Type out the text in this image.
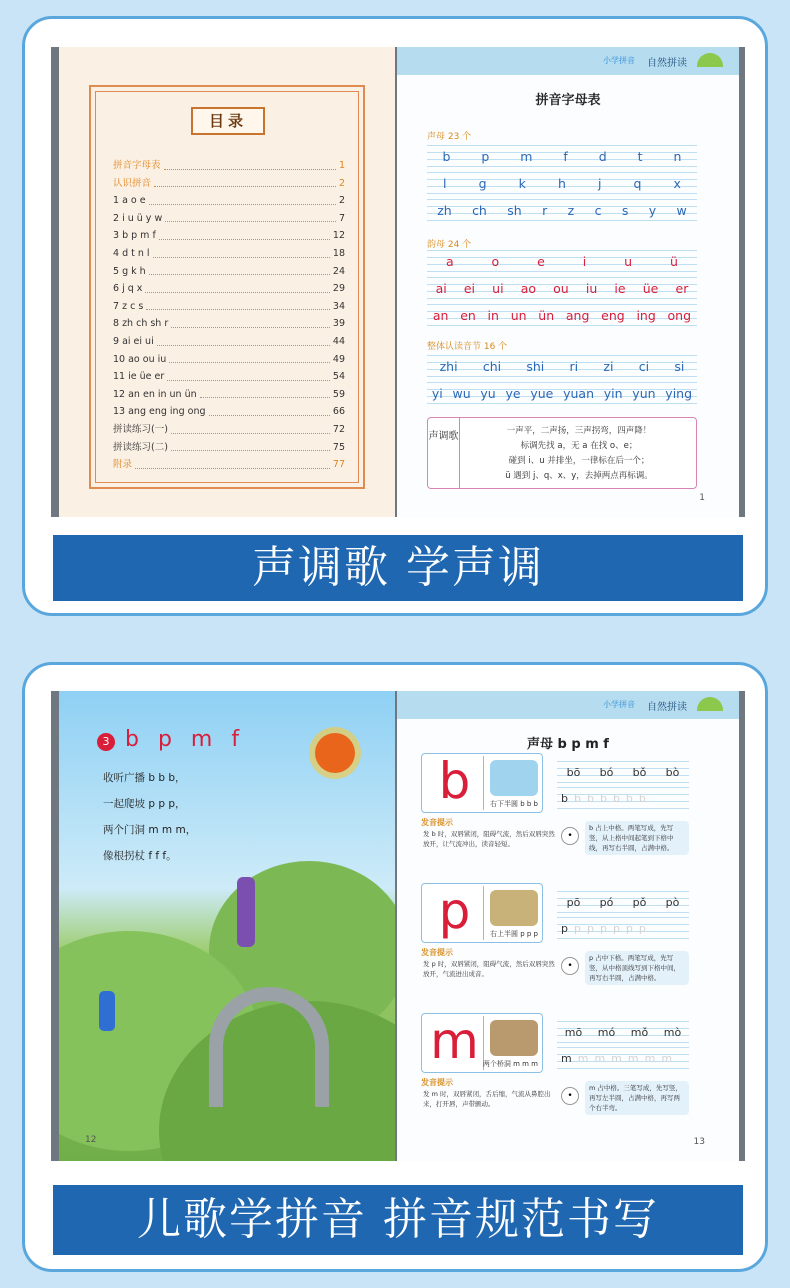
目录
拼音字母表	1
认识拼音	2
1 a o e	2
2 i u ü y w	7
3 b p m f	12
4 d t n l	18
5 g k h	24
6 j q x	29
7 z c s	34
8 zh ch sh r	39
9 ai ei ui	44
10 ao ou iu	49
11 ie üe er	54
12 an en in un ün	59
13 ang eng ing ong	66
拼读练习(一)	72
拼读练习(二)	75
附录	77
小学拼音 自然拼读
拼音字母表
声母 23 个
b p m f d t n
l	g	k	h	j	q	x
zh ch sh r z c s y w
韵母 24 个
a	o	e	i	u	ü
ai ei ui ao ou iu ie üe er
an en in un ün ang eng ing ong
整体认读音节 16 个
zhi chi shi ri zi ci si
yi wu yu ye yue yuan yin yun ying
声调歌	一声平，二声扬，三声拐弯，四声降！
标调先找 a，无 a 在找 o、e；
碰到 i、u 并排坐，一律标在后一个；
ü 遇到 j、q、x、y，去掉两点再标调。
1
声调歌 学声调
3 b p m f
收听广播 b b b，
一起爬坡 p p p，
两个门洞 m m m，
像根拐杖 f f f。
12
小学拼音 自然拼读
声母 b p m f
b	右下半圆 b b b
bō bó bǒ bò
b b b b b b b
发音提示
发 b 时，双唇紧闭，阻碍气流，然后双唇突然放开，让气流冲出，读音轻短。
•
b 占上中格。两笔写成，先写竖，从上格中间起笔到下格中线，再写右半圆，占满中格。
p	右上半圆 p p p
pō pó pǒ pò
p p p p p p p
发音提示
发 p 时，双唇紧闭，阻碍气流，然后双唇突然放开，气流迸出成音。
•
p 占中下格。两笔写成，先写竖，从中格顶线写到下格中间，再写右半圆，占满中格。
m 两个桥洞 m m m
mō mó mǒ mò
m m m m m m m
发音提示
发 m 时，双唇紧闭，舌后缩，气流从鼻腔出来，打开唇，声带颤动。
•
m 占中格。三笔写成，先写竖，再写左半圆，占满中格，再写两个右半弯。
13
儿歌学拼音 拼音规范书写
